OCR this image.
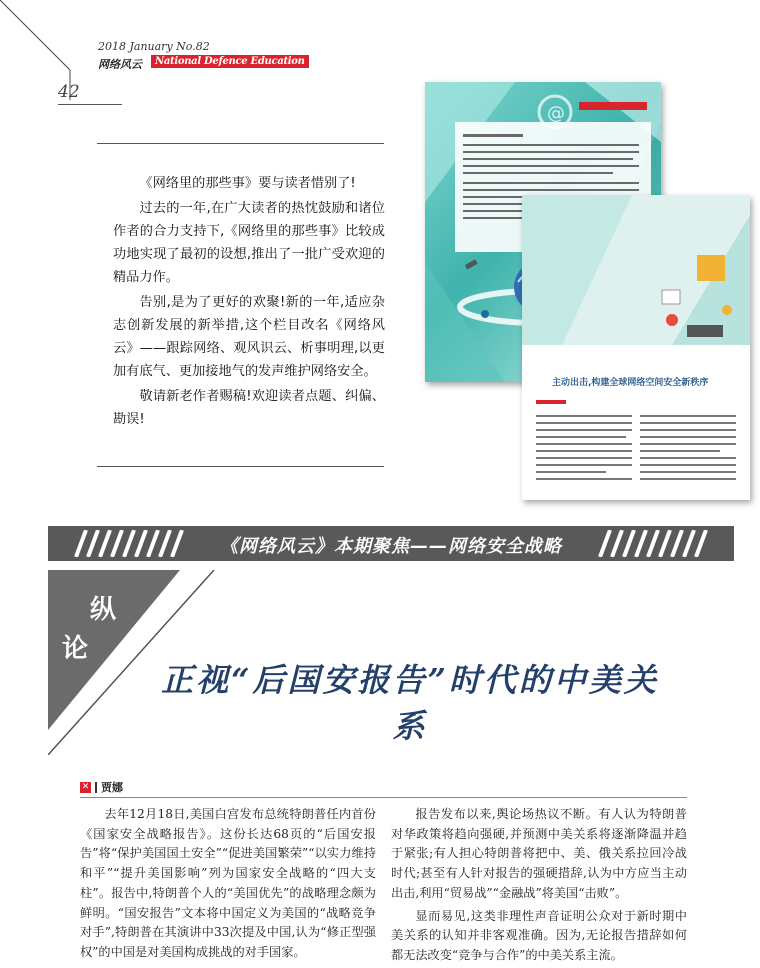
2018 January No.82
网络风云	National Defence Education
42

《网络里的那些事》要与读者惜别了!

过去的一年,在广大读者的热忱鼓励和诸位作者的合力支持下,《网络里的那些事》比较成功地实现了最初的设想,推出了一批广受欢迎的精品力作。

告别,是为了更好的欢聚!新的一年,适应杂志创新发展的新举措,这个栏目改名《网络风云》——跟踪网络、观风识云、析事明理,以更加有底气、更加接地气的发声维护网络安全。

敬请新老作者赐稿!欢迎读者点题、纠偏、勘误!

@
主动出击,构建全球网络空间安全新秩序
《网络风云》本期聚焦——网络安全战略
纵
论
正视“后国安报告”时代的中美关系
✕ 贾娜

去年12月18日,美国白宫发布总统特朗普任内首份《国家安全战略报告》。这份长达68页的“后国安报告”将“保护美国国土安全”“促进美国繁荣”“以实力维持和平”“提升美国影响”列为国家安全战略的“四大支柱”。报告中,特朗普个人的“美国优先”的战略理念颇为鲜明。“国安报告”文本将中国定义为美国的“战略竞争对手”,特朗普在其演讲中33次提及中国,认为“修正型强权”的中国是对美国构成挑战的对手国家。

报告发布以来,舆论场热议不断。有人认为特朗普对华政策将趋向强硬,并预测中美关系将逐渐降温并趋于紧张;有人担心特朗普将把中、美、俄关系拉回冷战时代;甚至有人针对报告的强硬措辞,认为中方应当主动出击,利用“贸易战”“金融战”将美国“击败”。

显而易见,这类非理性声音证明公众对于新时期中美关系的认知并非客观准确。因为,无论报告措辞如何都无法改变“竞争与合作”的中美关系主流。
